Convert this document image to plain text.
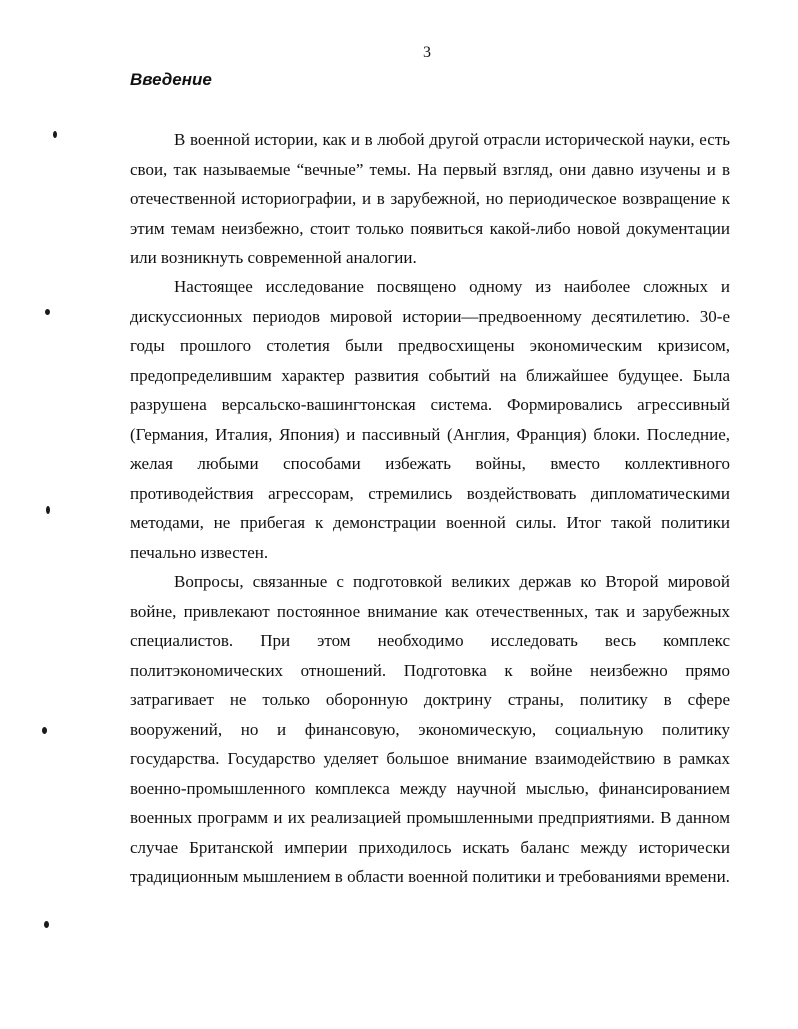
3
Введение

В военной истории, как и в любой другой отрасли исторической науки, есть свои, так называемые “вечные” темы. На первый взгляд, они давно изучены и в отечественной историографии, и в зарубежной, но периодическое возвращение к этим темам неизбежно, стоит только появиться какой-либо новой документации или возникнуть современной аналогии.

Настоящее исследование посвящено одному из наиболее сложных и дискуссионных периодов мировой истории—предвоенному десятилетию. 30-е годы прошлого столетия были предвосхищены экономическим кризисом, предопределившим характер развития событий на ближайшее будущее. Была разрушена версальско-вашингтонская система. Формировались агрессивный (Германия, Италия, Япония) и пассивный (Англия, Франция) блоки. Последние, желая любыми способами избежать войны, вместо коллективного противодействия агрессорам, стремились воздействовать дипломатическими методами, не прибегая к демонстрации военной силы. Итог такой политики печально известен.

Вопросы, связанные с подготовкой великих держав ко Второй мировой войне, привлекают постоянное внимание как отечественных, так и зарубежных специалистов. При этом необходимо исследовать весь комплекс политэкономических отношений. Подготовка к войне неизбежно прямо затрагивает не только оборонную доктрину страны, политику в сфере вооружений, но и финансовую, экономическую, социальную политику государства. Государство уделяет большое внимание взаимодействию в рамках военно-промышленного комплекса между научной мыслью, финансированием военных программ и их реализацией промышленными предприятиями. В данном случае Британской империи приходилось искать баланс между исторически традиционным мышлением в области военной политики и требованиями времени.
